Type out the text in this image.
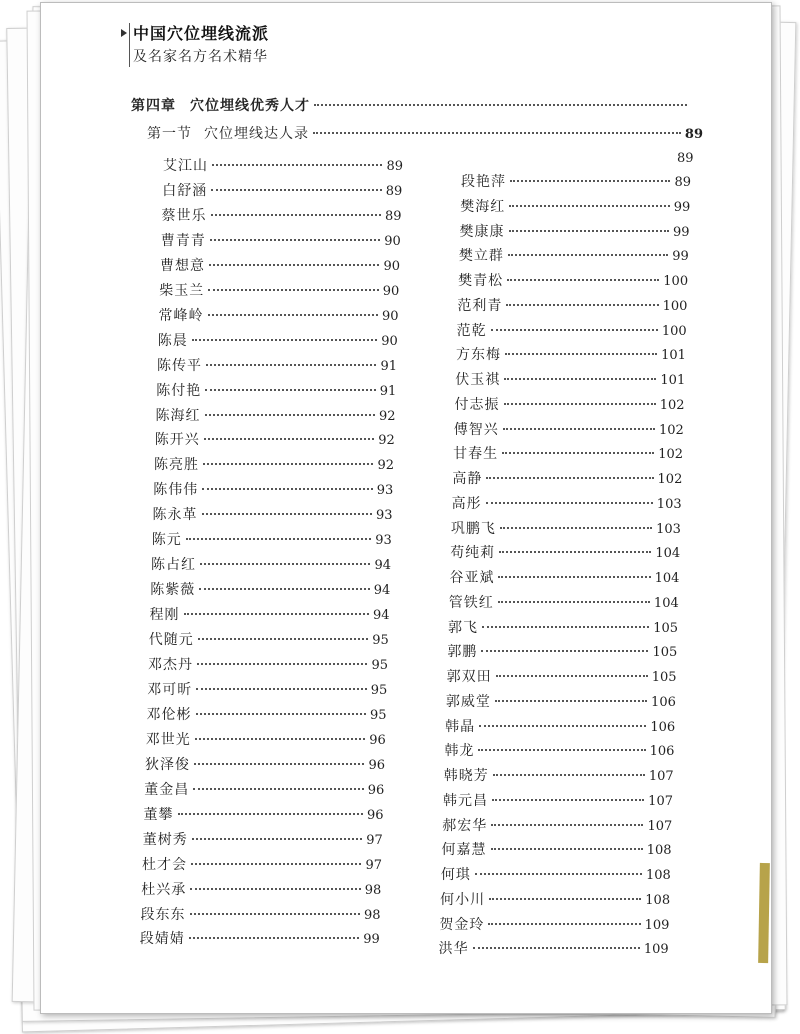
中国穴位埋线流派
及名家名方名术精华
第四章 穴位埋线优秀人才
第一节 穴位埋线达人录	89
艾江山	89
白舒涵	89
蔡世乐	89
曹青青	90
曹想意	90
柴玉兰	90
常峰岭	90
陈晨	90
陈传平	91
陈付艳	91
陈海红	92
陈开兴	92
陈亮胜	92
陈伟伟	93
陈永革	93
陈元	93
陈占红	94
陈紫薇	94
程刚	94
代随元	95
邓杰丹	95
邓可昕	95
邓伦彬	95
邓世光	96
狄泽俊	96
董金昌	96
董攀	96
董树秀	97
杜才会	97
杜兴承	98
段东东	98
段婧婧	99
段艳萍	89
樊海红	99
樊康康	99
樊立群	99
樊青松	100
范利青	100
范乾	100
方东梅	101
伏玉祺	101
付志振	102
傅智兴	102
甘春生	102
高静	102
高彤	103
巩鹏飞	103
苟纯莉	104
谷亚斌	104
管铁红	104
郭飞	105
郭鹏	105
郭双田	105
郭威堂	106
韩晶	106
韩龙	106
韩晓芳	107
韩元昌	107
郝宏华	107
何嘉慧	108
何琪	108
何小川	108
贺金玲	109
洪华	109
89
